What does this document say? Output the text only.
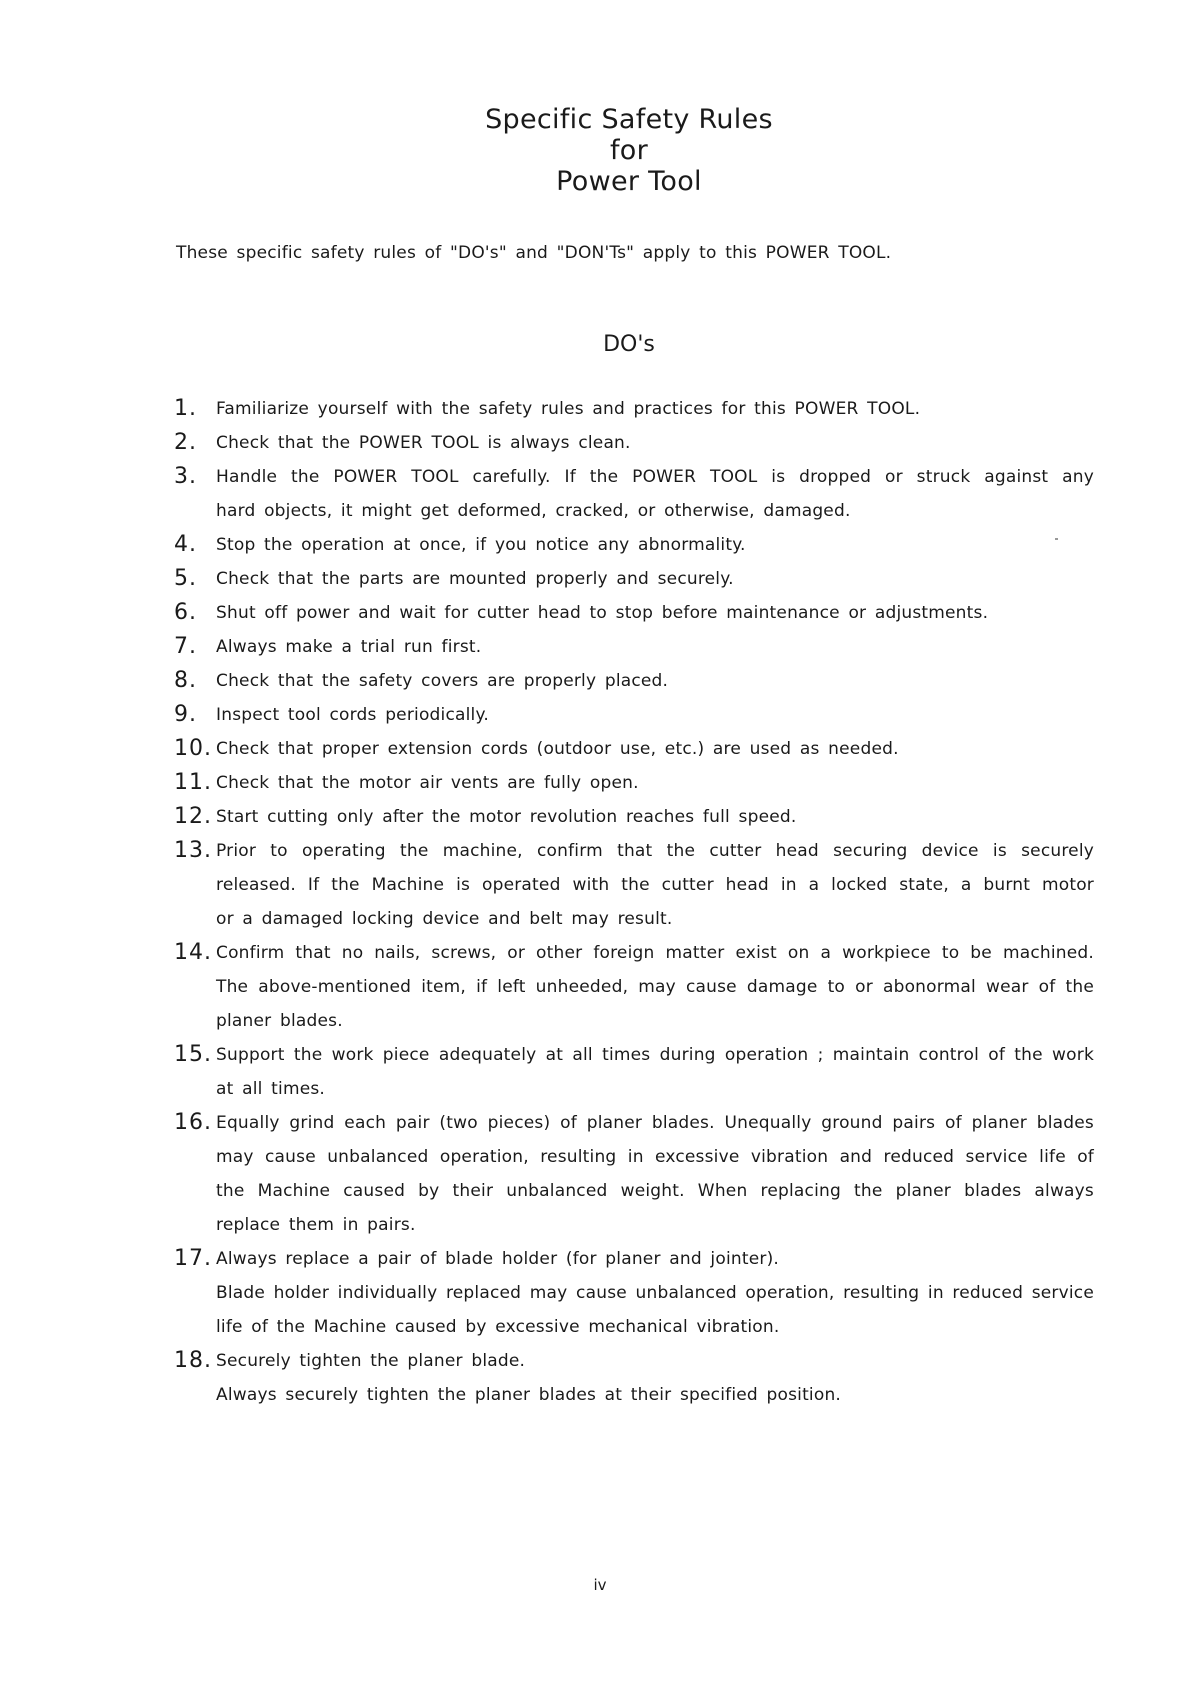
Specific Safety Rules
for
Power Tool
These specific safety rules of "DO's" and "DON'Ts" apply to this POWER TOOL.
DO's
1. Familiarize yourself with the safety rules and practices for this POWER TOOL.
2. Check that the POWER TOOL is always clean.
3. Handle the POWER TOOL carefully. If the POWER TOOL is dropped or struck against any
hard objects, it might get deformed, cracked, or otherwise, damaged.
4. Stop the operation at once, if you notice any abnormality.
5. Check that the parts are mounted properly and securely.
6. Shut off power and wait for cutter head to stop before maintenance or adjustments.
7. Always make a trial run first.
8. Check that the safety covers are properly placed.
9. Inspect tool cords periodically.
10. Check that proper extension cords (outdoor use, etc.) are used as needed.
11. Check that the motor air vents are fully open.
12. Start cutting only after the motor revolution reaches full speed.
13. Prior to operating the machine, confirm that the cutter head securing device is securely
released. If the Machine is operated with the cutter head in a locked state, a burnt motor
or a damaged locking device and belt may result.
14. Confirm that no nails, screws, or other foreign matter exist on a workpiece to be machined.
The above-mentioned item, if left unheeded, may cause damage to or abonormal wear of the
planer blades.
15. Support the work piece adequately at all times during operation ; maintain control of the work
at all times.
16. Equally grind each pair (two pieces) of planer blades. Unequally ground pairs of planer blades
may cause unbalanced operation, resulting in excessive vibration and reduced service life of
the Machine caused by their unbalanced weight. When replacing the planer blades always
replace them in pairs.
17. Always replace a pair of blade holder (for planer and jointer).
Blade holder individually replaced may cause unbalanced operation, resulting in reduced service
life of the Machine caused by excessive mechanical vibration.
18. Securely tighten the planer blade.
Always securely tighten the planer blades at their specified position.
iv
